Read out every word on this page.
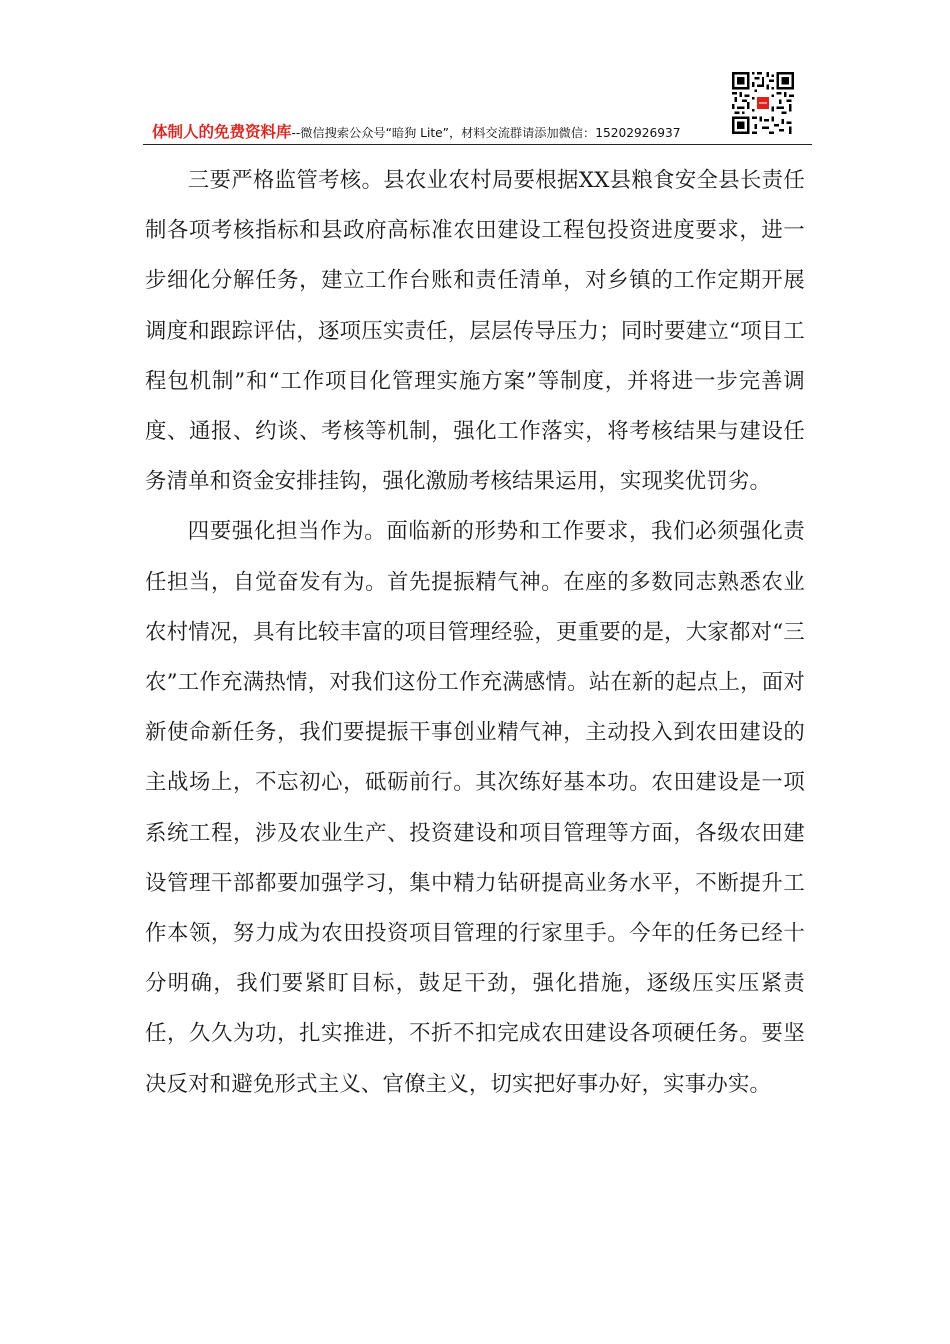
体制人的免费资料库--微信搜索公众号“暗狗 Lite”，材料交流群请添加微信：15202926937

三要严格监管考核。县农业农村局要根据XX县粮食安全县长责任制各项考核指标和县政府高标准农田建设工程包投资进度要求，进一步细化分解任务，建立工作台账和责任清单，对乡镇的工作定期开展调度和跟踪评估，逐项压实责任，层层传导压力；同时要建立“项目工程包机制”和“工作项目化管理实施方案”等制度，并将进一步完善调度、通报、约谈、考核等机制，强化工作落实，将考核结果与建设任务清单和资金安排挂钩，强化激励考核结果运用，实现奖优罚劣。

四要强化担当作为。面临新的形势和工作要求，我们必须强化责任担当，自觉奋发有为。首先提振精气神。在座的多数同志熟悉农业农村情况，具有比较丰富的项目管理经验，更重要的是，大家都对“三农”工作充满热情，对我们这份工作充满感情。站在新的起点上，面对新使命新任务，我们要提振干事创业精气神，主动投入到农田建设的主战场上，不忘初心，砥砺前行。其次练好基本功。农田建设是一项系统工程，涉及农业生产、投资建设和项目管理等方面，各级农田建设管理干部都要加强学习，集中精力钻研提高业务水平，不断提升工作本领，努力成为农田投资项目管理的行家里手。今年的任务已经十分明确，我们要紧盯目标，鼓足干劲，强化措施，逐级压实压紧责任，久久为功，扎实推进，不折不扣完成农田建设各项硬任务。要坚决反对和避免形式主义、官僚主义，切实把好事办好，实事办实。
